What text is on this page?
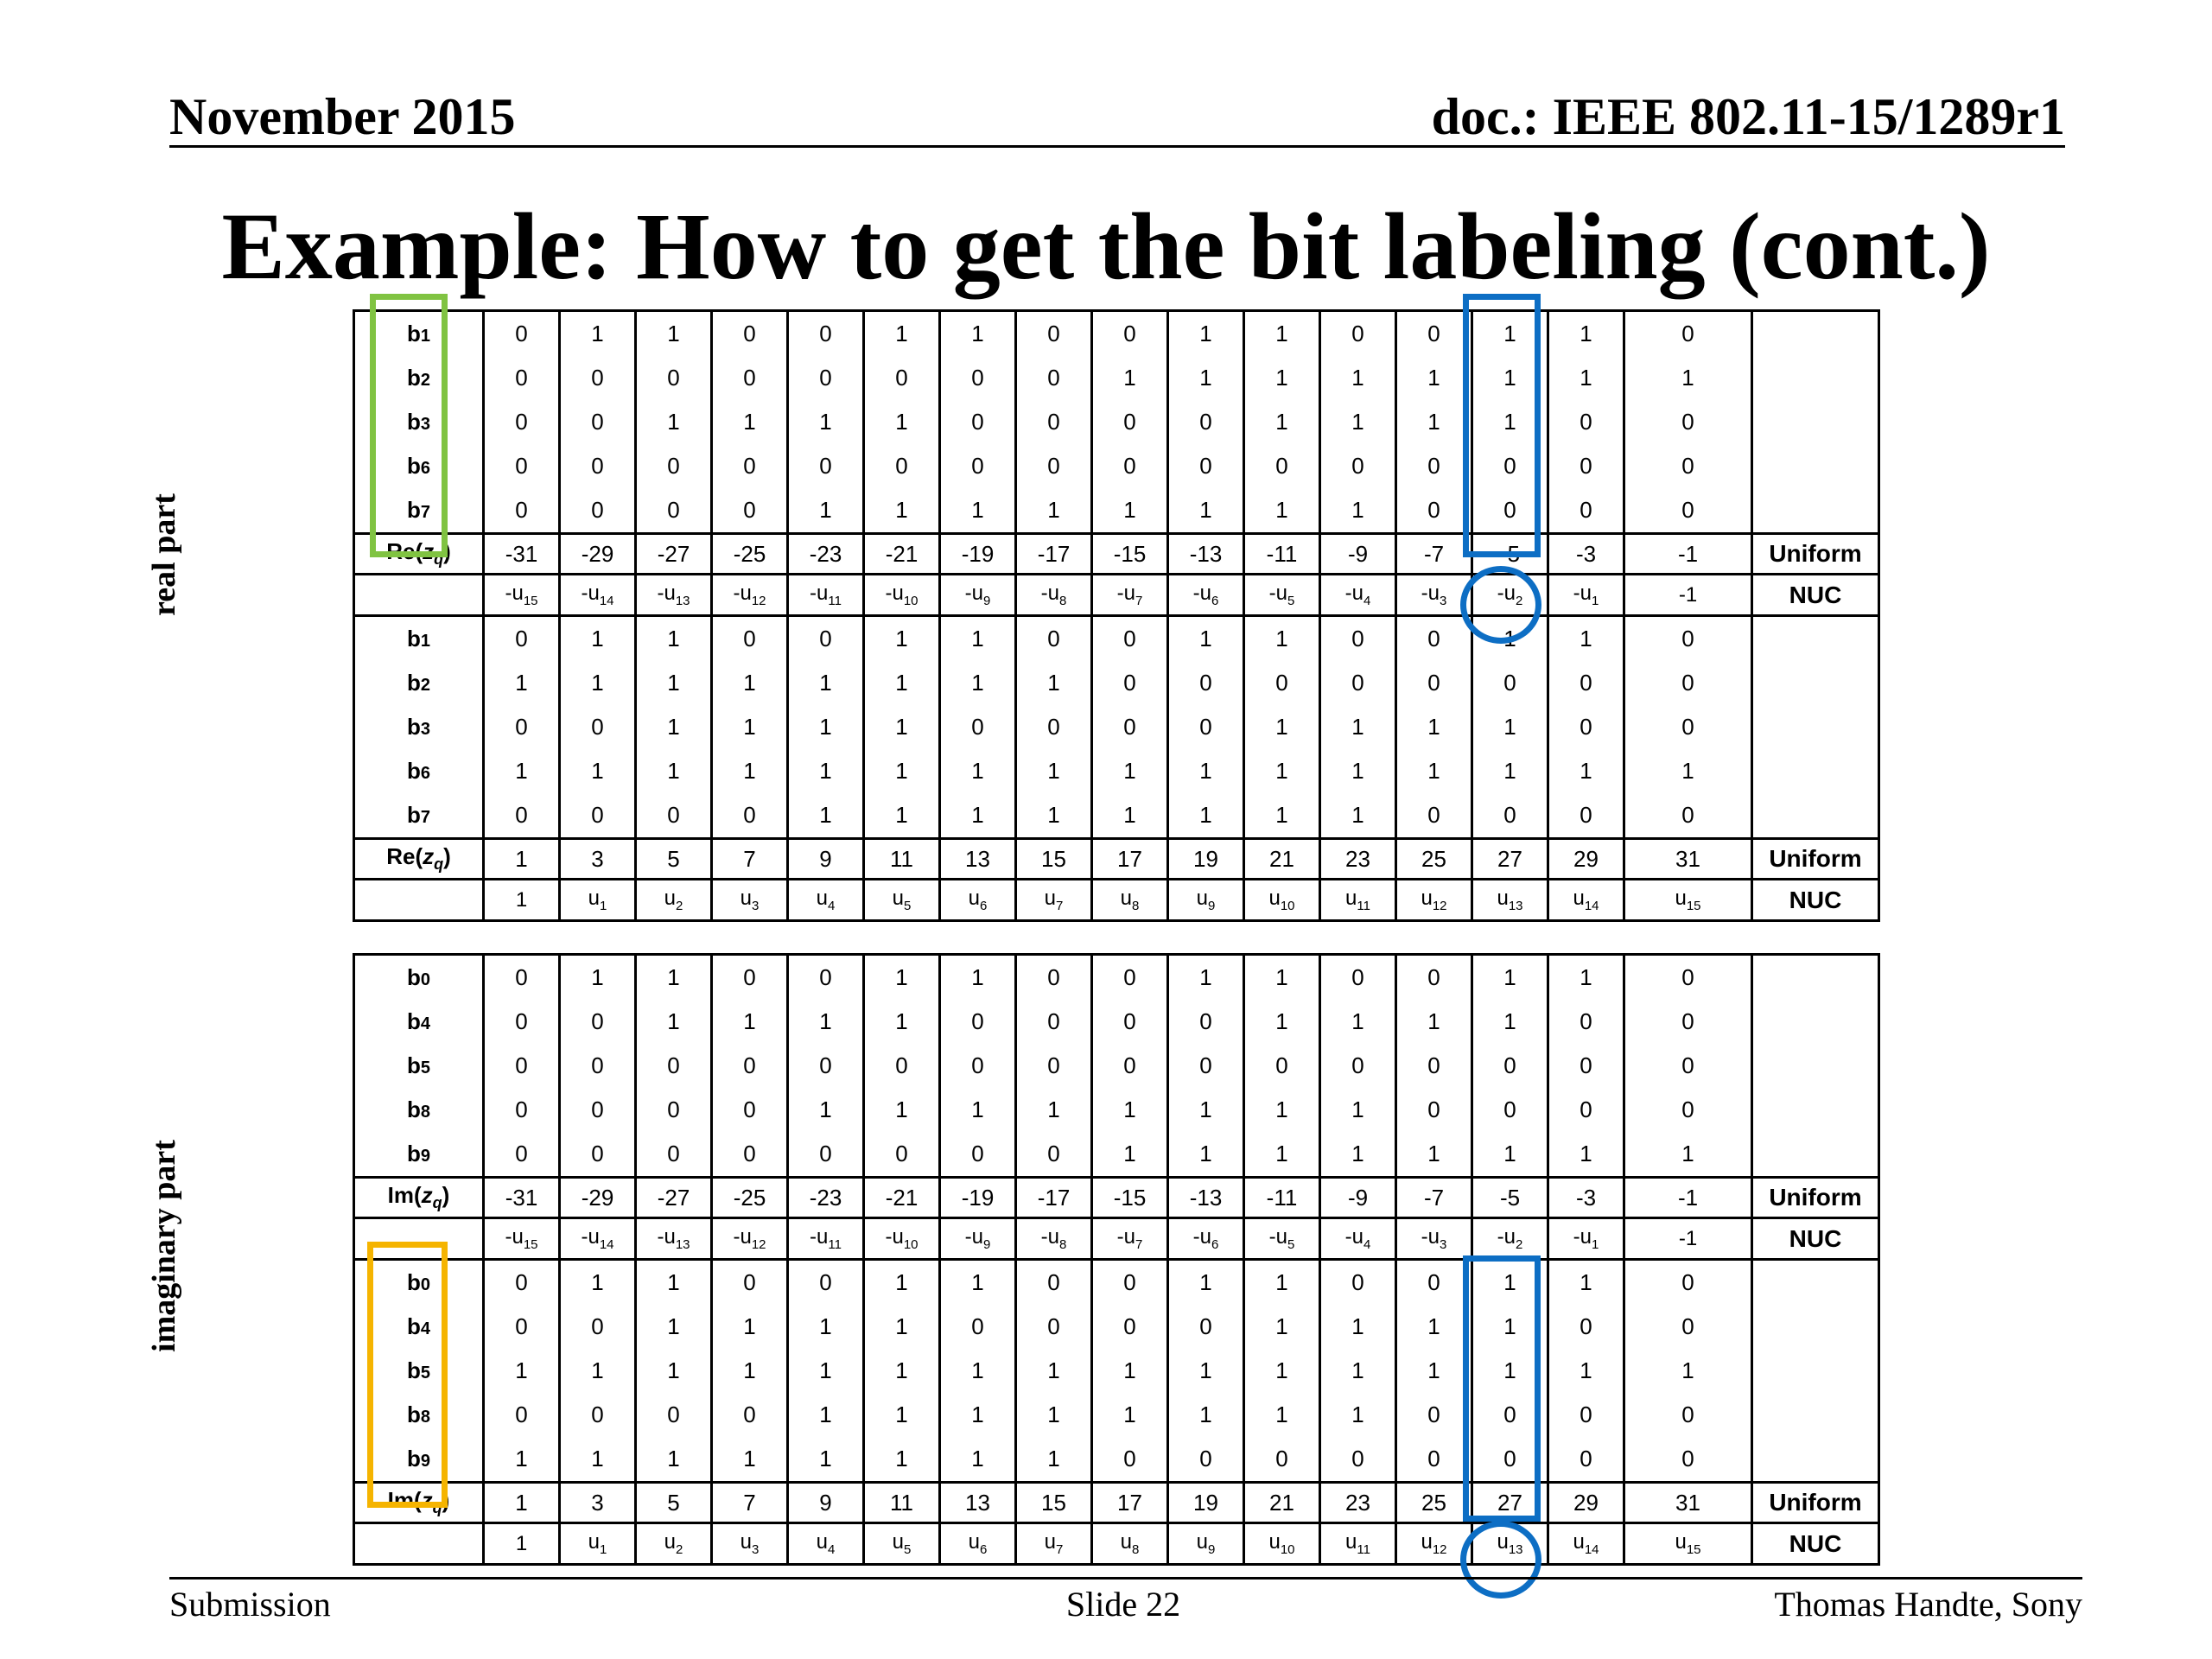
November 2015	doc.: IEEE 802.11-15/1289r1
Example: How to get the bit labeling (cont.)
real part
imaginary part
b1	0	1	1	0	0	1	1	0	0	1	1	0	0	1	1	0	
b2	0	0	0	0	0	0	0	0	1	1	1	1	1	1	1	1	
b3	0	0	1	1	1	1	0	0	0	0	1	1	1	1	0	0	
b6	0	0	0	0	0	0	0	0	0	0	0	0	0	0	0	0	
b7	0	0	0	0	1	1	1	1	1	1	1	1	0	0	0	0	
$Re(z_q)$	-31	-29	-27	-25	-23	-21	-19	-17	-15	-13	-11	-9	-7	-5	-3	-1	Uniform
	$-u_{15}$	$-u_{14}$	$-u_{13}$	$-u_{12}$	$-u_{11}$	$-u_{10}$	$-u_9$	$-u_8$	$-u_7$	$-u_6$	$-u_5$	$-u_4$	$-u_3$	$-u_2$	$-u_1$	-1	NUC
b1	0	1	1	0	0	1	1	0	0	1	1	0	0	1	1	0	
b2	1	1	1	1	1	1	1	1	0	0	0	0	0	0	0	0	
b3	0	0	1	1	1	1	0	0	0	0	1	1	1	1	0	0	
b6	1	1	1	1	1	1	1	1	1	1	1	1	1	1	1	1	
b7	0	0	0	0	1	1	1	1	1	1	1	1	0	0	0	0	
$Re(z_q)$	1	3	5	7	9	11	13	15	17	19	21	23	25	27	29	31	Uniform
	1	$u_1$	$u_2$	$u_3$	$u_4$	$u_5$	$u_6$	$u_7$	$u_8$	$u_9$	$u_{10}$	$u_{11}$	$u_{12}$	$u_{13}$	$u_{14}$	$u_{15}$	NUC
b0	0	1	1	0	0	1	1	0	0	1	1	0	0	1	1	0	
b4	0	0	1	1	1	1	0	0	0	0	1	1	1	1	0	0	
b5	0	0	0	0	0	0	0	0	0	0	0	0	0	0	0	0	
b8	0	0	0	0	1	1	1	1	1	1	1	1	0	0	0	0	
b9	0	0	0	0	0	0	0	0	1	1	1	1	1	1	1	1	
$Im(z_q)$	-31	-29	-27	-25	-23	-21	-19	-17	-15	-13	-11	-9	-7	-5	-3	-1	Uniform
	$-u_{15}$	$-u_{14}$	$-u_{13}$	$-u_{12}$	$-u_{11}$	$-u_{10}$	$-u_9$	$-u_8$	$-u_7$	$-u_6$	$-u_5$	$-u_4$	$-u_3$	$-u_2$	$-u_1$	-1	NUC
b0	0	1	1	0	0	1	1	0	0	1	1	0	0	1	1	0	
b4	0	0	1	1	1	1	0	0	0	0	1	1	1	1	0	0	
b5	1	1	1	1	1	1	1	1	1	1	1	1	1	1	1	1	
b8	0	0	0	0	1	1	1	1	1	1	1	1	0	0	0	0	
b9	1	1	1	1	1	1	1	1	0	0	0	0	0	0	0	0	
$Im(z_q)$	1	3	5	7	9	11	13	15	17	19	21	23	25	27	29	31	Uniform
	1	$u_1$	$u_2$	$u_3$	$u_4$	$u_5$	$u_6$	$u_7$	$u_8$	$u_9$	$u_{10}$	$u_{11}$	$u_{12}$	$u_{13}$	$u_{14}$	$u_{15}$	NUC
Submission	Slide 22	Thomas Handte, Sony
